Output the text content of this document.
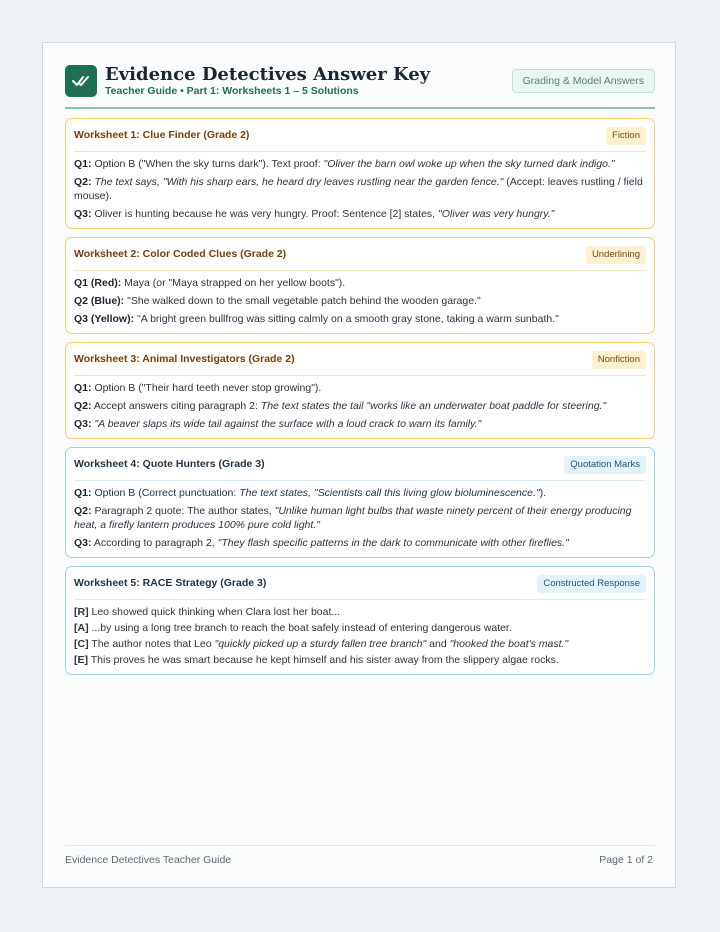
Evidence Detectives Answer Key
Teacher Guide • Part 1: Worksheets 1 – 5 Solutions
Grading & Model Answers
Worksheet 1: Clue Finder (Grade 2)	Fiction
Q1: Option B ("When the sky turns dark"). Text proof: "Oliver the barn owl woke up when the sky turned dark indigo."
Q2: The text says, "With his sharp ears, he heard dry leaves rustling near the garden fence." (Accept: leaves rustling / field mouse).
Q3: Oliver is hunting because he was very hungry. Proof: Sentence [2] states, "Oliver was very hungry."
Worksheet 2: Color Coded Clues (Grade 2)	Underlining
Q1 (Red): Maya (or "Maya strapped on her yellow boots").
Q2 (Blue): "She walked down to the small vegetable patch behind the wooden garage."
Q3 (Yellow): "A bright green bullfrog was sitting calmly on a smooth gray stone, taking a warm sunbath."
Worksheet 3: Animal Investigators (Grade 2)	Nonfiction
Q1: Option B ("Their hard teeth never stop growing").
Q2: Accept answers citing paragraph 2: The text states the tail "works like an underwater boat paddle for steering."
Q3: "A beaver slaps its wide tail against the surface with a loud crack to warn its family."
Worksheet 4: Quote Hunters (Grade 3)	Quotation Marks
Q1: Option B (Correct punctuation: The text states, "Scientists call this living glow bioluminescence.").
Q2: Paragraph 2 quote: The author states, "Unlike human light bulbs that waste ninety percent of their energy producing heat, a firefly lantern produces 100% pure cold light."
Q3: According to paragraph 2, "They flash specific patterns in the dark to communicate with other fireflies."
Worksheet 5: RACE Strategy (Grade 3)	Constructed Response
[R] Leo showed quick thinking when Clara lost her boat...
[A] ...by using a long tree branch to reach the boat safely instead of entering dangerous water.
[C] The author notes that Leo "quickly picked up a sturdy fallen tree branch" and "hooked the boat's mast."
[E] This proves he was smart because he kept himself and his sister away from the slippery algae rocks.
Evidence Detectives Teacher Guide	Page 1 of 2
